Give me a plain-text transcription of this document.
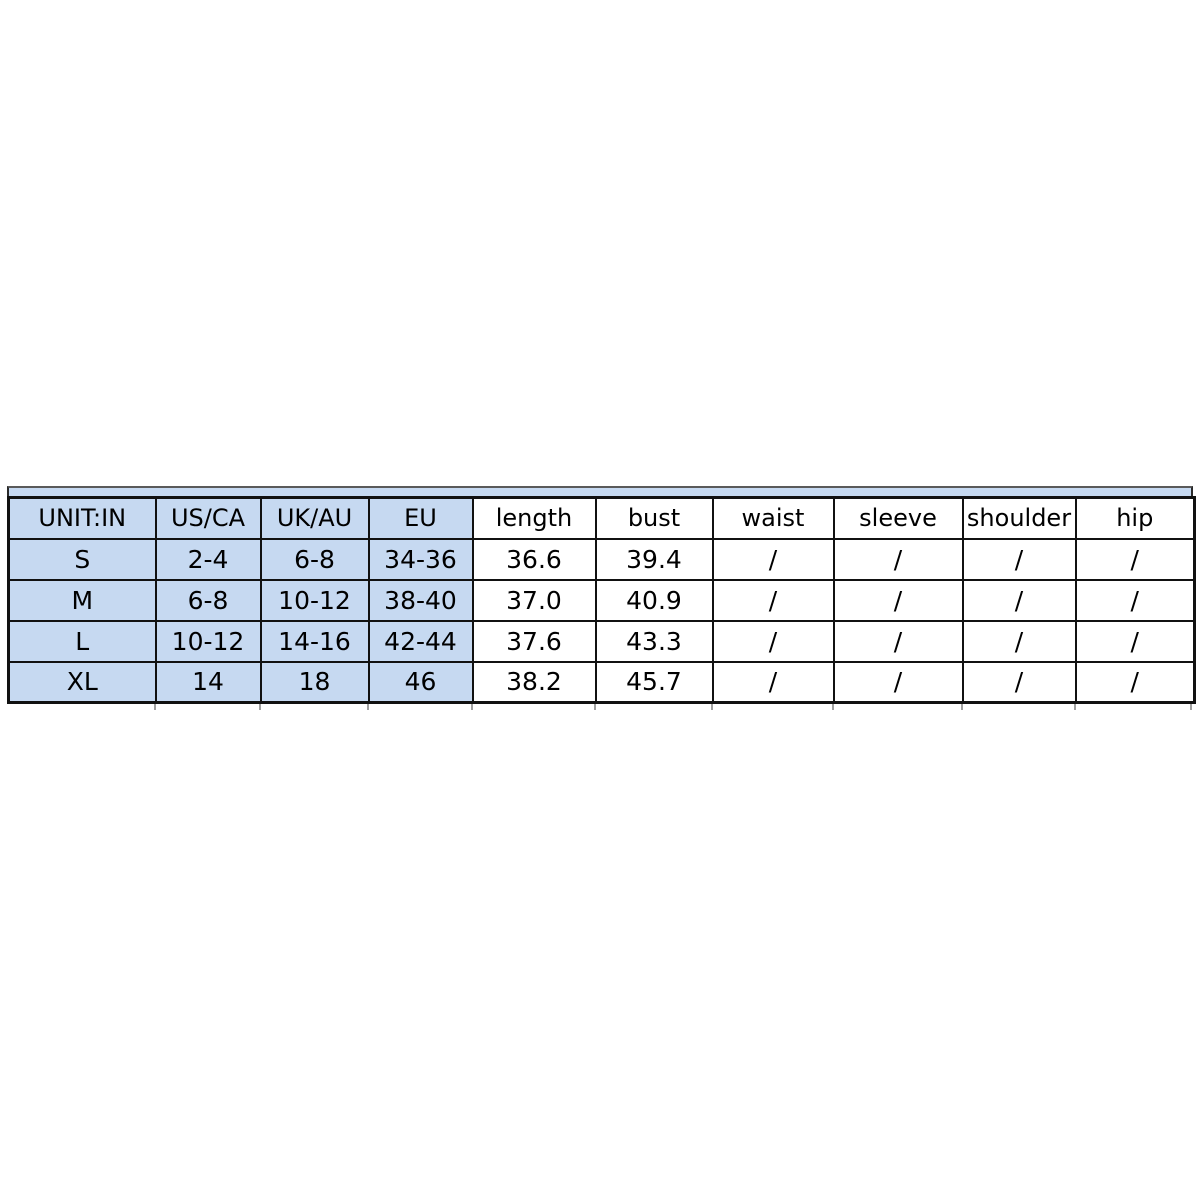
UNIT:IN	US/CA	UK/AU	EU	length	bust	waist	sleeve	shoulder	hip
S	2-4	6-8	34-36	36.6	39.4	/	/	/	/
M	6-8	10-12	38-40	37.0	40.9	/	/	/	/
L	10-12	14-16	42-44	37.6	43.3	/	/	/	/
XL	14	18	46	38.2	45.7	/	/	/	/
